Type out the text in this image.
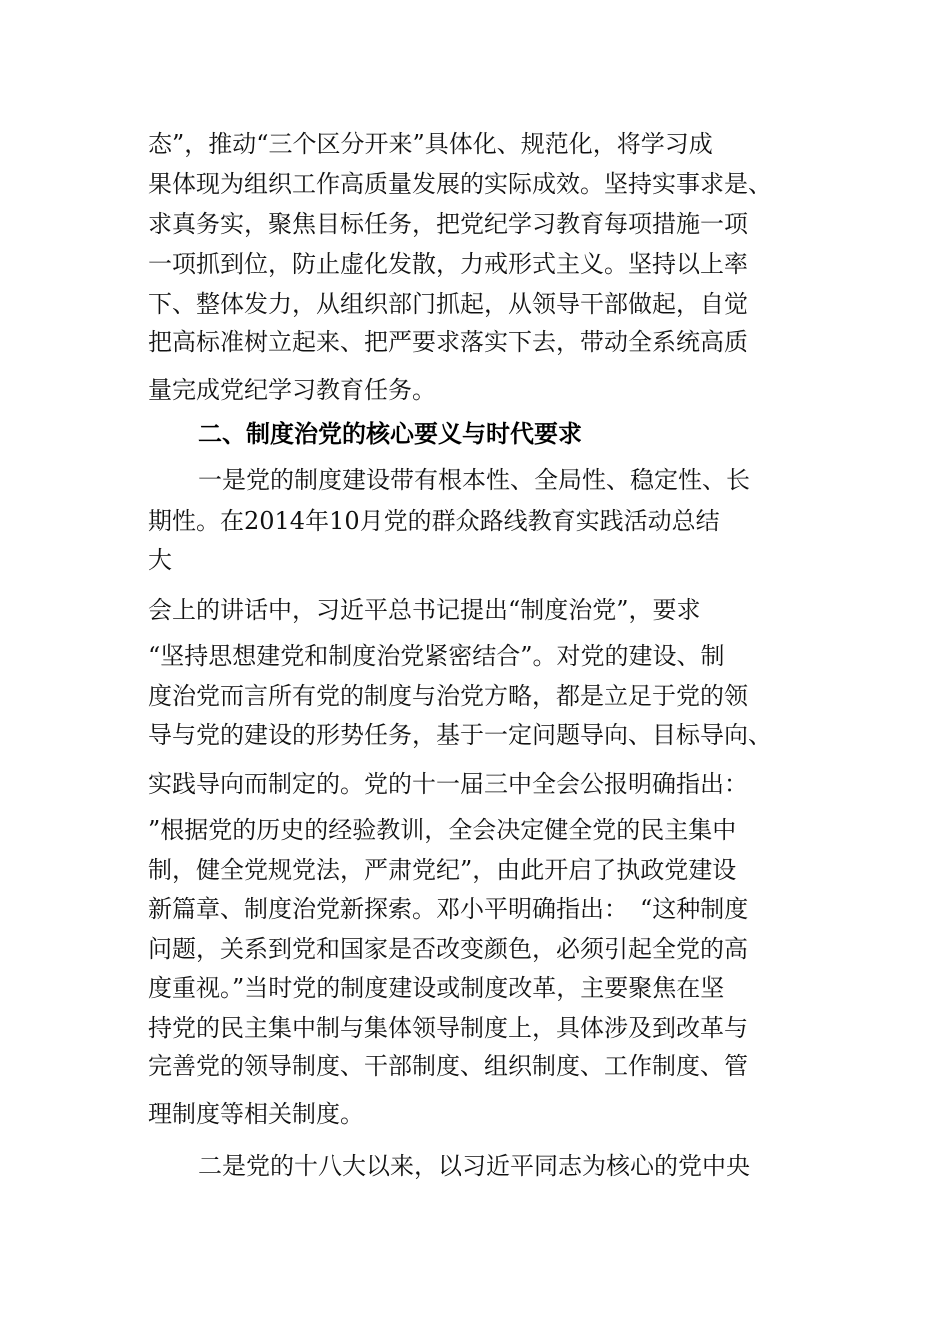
态”，推动“三个区分开来”具体化、规范化，将学习成
果体现为组织工作高质量发展的实际成效。坚持实事求是、
求真务实，聚焦目标任务，把党纪学习教育每项措施一项
一项抓到位，防止虚化发散，力戒形式主义。坚持以上率
下、整体发力，从组织部门抓起，从领导干部做起，自觉
把高标准树立起来、把严要求落实下去，带动全系统高质
量完成党纪学习教育任务。
二、制度治党的核心要义与时代要求
一是党的制度建设带有根本性、全局性、稳定性、长
期性。在2014年10月党的群众路线教育实践活动总结
大
会上的讲话中，习近平总书记提出“制度治党”，要求
“坚持思想建党和制度治党紧密结合”。对党的建设、制
度治党而言所有党的制度与治党方略，都是立足于党的领
导与党的建设的形势任务，基于一定问题导向、目标导向、
实践导向而制定的。党的十一届三中全会公报明确指出：
”根据党的历史的经验教训，全会决定健全党的民主集中
制，健全党规党法，严肃党纪”，由此开启了执政党建设
新篇章、制度治党新探索。邓小平明确指出：　“这种制度
问题，关系到党和国家是否改变颜色，必须引起全党的高
度重视。”当时党的制度建设或制度改革，主要聚焦在坚
持党的民主集中制与集体领导制度上，具体涉及到改革与
完善党的领导制度、干部制度、组织制度、工作制度、管
理制度等相关制度。
二是党的十八大以来，以习近平同志为核心的党中央
